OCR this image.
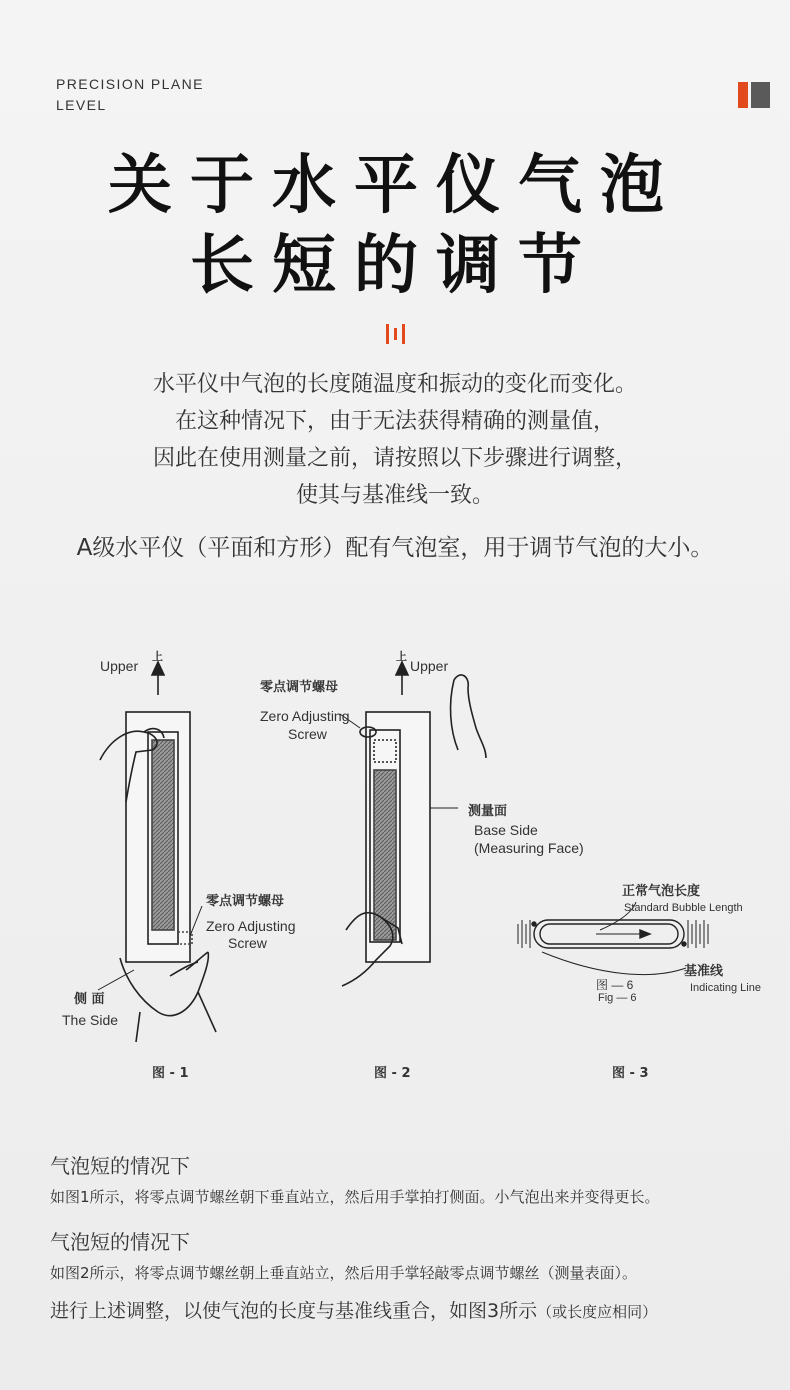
PRECISION PLANE
LEVEL
关于水平仪气泡
长短的调节
水平仪中气泡的长度随温度和振动的变化而变化。
在这种情况下，由于无法获得精确的测量值，
因此在使用测量之前，请按照以下步骤进行调整，
使其与基准线一致。
A级水平仪（平面和方形）配有气泡室，用于调节气泡的大小。
Upper
上
零点调节螺母
Zero Adjusting
Screw
侧 面
The Side
上
Upper
零点调节螺母
Zero Adjusting
Screw
测量面
Base Side
(Measuring Face)
正常气泡长度
Standard Bubble Length
基准线
Indicating Line
图 — 6
Fig — 6
图 - 1	图 - 2	图 - 3
气泡短的情况下
如图1所示，将零点调节螺丝朝下垂直站立，然后用手掌拍打侧面。小气泡出来并变得更长。
气泡短的情况下
如图2所示，将零点调节螺丝朝上垂直站立，然后用手掌轻敲零点调节螺丝（测量表面）。
进行上述调整，以使气泡的长度与基准线重合，如图3所示（或长度应相同）
